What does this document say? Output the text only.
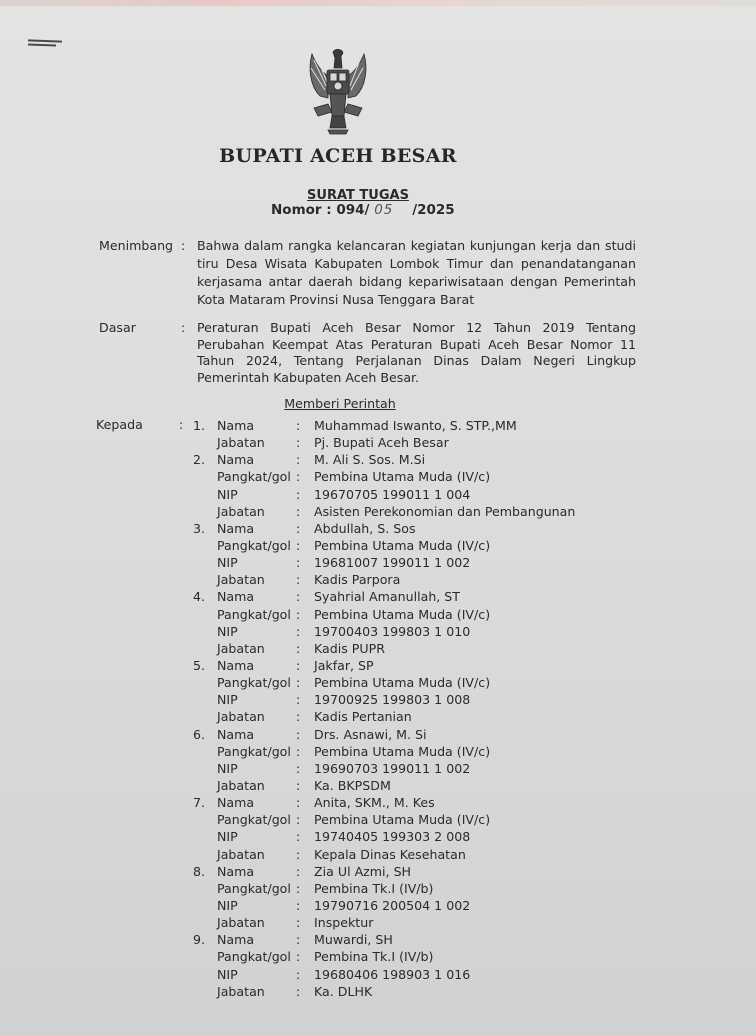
BUPATI ACEH BESAR
SURAT TUGAS
Nomor : 094/ 05 /2025
Menimbang : Bahwa dalam rangka kelancaran kegiatan kunjungan kerja dan studi
tiru Desa Wisata Kabupaten Lombok Timur dan penandatanganan
kerjasama antar daerah bidang kepariwisataan dengan Pemerintah
Kota Mataram Provinsi Nusa Tenggara Barat
Dasar	: Peraturan Bupati Aceh Besar Nomor 12 Tahun 2019 Tentang
Perubahan Keempat Atas Peraturan Bupati Aceh Besar Nomor 11
Tahun 2024, Tentang Perjalanan Dinas Dalam Negeri Lingkup
Pemerintah Kabupaten Aceh Besar.
Memberi Perintah
Kepada	: 1. Nama	: Muhammad Iswanto, S. STP.,MM
Jabatan : Pj. Bupati Aceh Besar
2. Nama	: M. Ali S. Sos. M.Si
Pangkat/gol : Pembina Utama Muda (IV/c)
NIP	: 19670705 199011 1 004
Jabatan : Asisten Perekonomian dan Pembangunan
3. Nama	: Abdullah, S. Sos
Pangkat/gol : Pembina Utama Muda (IV/c)
NIP	: 19681007 199011 1 002
Jabatan : Kadis Parpora
4. Nama	: Syahrial Amanullah, ST
Pangkat/gol : Pembina Utama Muda (IV/c)
NIP	: 19700403 199803 1 010
Jabatan : Kadis PUPR
5. Nama	: Jakfar, SP
Pangkat/gol : Pembina Utama Muda (IV/c)
NIP	: 19700925 199803 1 008
Jabatan : Kadis Pertanian
6. Nama	: Drs. Asnawi, M. Si
Pangkat/gol : Pembina Utama Muda (IV/c)
NIP	: 19690703 199011 1 002
Jabatan : Ka. BKPSDM
7. Nama	: Anita, SKM., M. Kes
Pangkat/gol : Pembina Utama Muda (IV/c)
NIP	: 19740405 199303 2 008
Jabatan : Kepala Dinas Kesehatan
8. Nama	: Zia Ul Azmi, SH
Pangkat/gol : Pembina Tk.I (IV/b)
NIP	: 19790716 200504 1 002
Jabatan : Inspektur
9. Nama	: Muwardi, SH
Pangkat/gol : Pembina Tk.I (IV/b)
NIP	: 19680406 198903 1 016
Jabatan : Ka. DLHK
